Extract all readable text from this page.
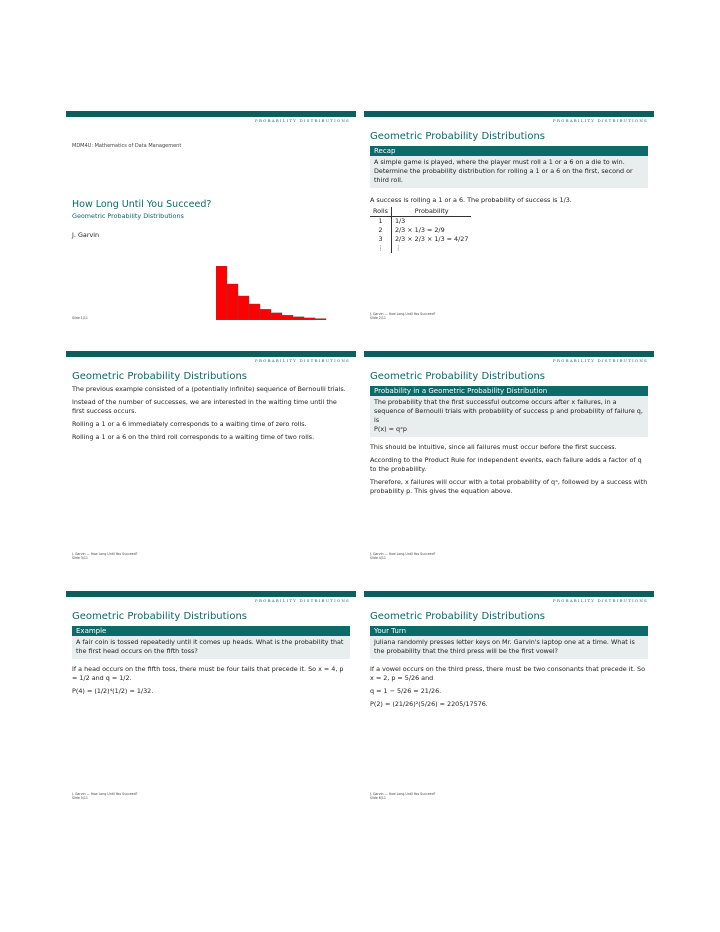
PROBABILITY DISTRIBUTIONS
MDM4U: Mathematics of Data Management
How Long Until You Succeed?
Geometric Probability Distributions
J. Garvin
Slide 1/11
PROBABILITY DISTRIBUTIONS
Geometric Probability Distributions
Recap
A simple game is played, where the player must roll a 1 or a 6 on a die to win. Determine the probability distribution for rolling a 1 or a 6 on the first, second or third roll.
A success is rolling a 1 or a 6. The probability of success is 1/3.
Rolls	Probability
1	1/3
2	2/3 × 1/3 = 2/9
3	2/3 × 2/3 × 1/3 = 4/27
⋮	⋮
J. Garvin — How Long Until You Succeed?
Slide 2/11
PROBABILITY DISTRIBUTIONS
Geometric Probability Distributions

The previous example consisted of a (potentially infinite) sequence of Bernoulli trials.

Instead of the number of successes, we are interested in the waiting time until the first success occurs.

Rolling a 1 or a 6 immediately corresponds to a waiting time of zero rolls.

Rolling a 1 or a 6 on the third roll corresponds to a waiting time of two rolls.

J. Garvin — How Long Until You Succeed?
Slide 3/11
PROBABILITY DISTRIBUTIONS
Geometric Probability Distributions
Probability in a Geometric Probability Distribution
The probability that the first successful outcome occurs after x failures, in a sequence of Bernoulli trials with probability of success p and probability of failure q, is
P(x) = qˣp

This should be intuitive, since all failures must occur before the first success.

According to the Product Rule for independent events, each failure adds a factor of q to the probability.

Therefore, x failures will occur with a total probability of qˣ, followed by a success with probability p. This gives the equation above.

J. Garvin — How Long Until You Succeed?
Slide 4/11
PROBABILITY DISTRIBUTIONS
Geometric Probability Distributions
Example
A fair coin is tossed repeatedly until it comes up heads. What is the probability that the first head occurs on the fifth toss?

If a head occurs on the fifth toss, there must be four tails that precede it. So x = 4, p = 1/2 and q = 1/2.

P(4) = (1/2)⁴(1/2) = 1/32.

J. Garvin — How Long Until You Succeed?
Slide 5/11
PROBABILITY DISTRIBUTIONS
Geometric Probability Distributions
Your Turn
Juliana randomly presses letter keys on Mr. Garvin's laptop one at a time. What is the probability that the third press will be the first vowel?

If a vowel occurs on the third press, there must be two consonants that precede it. So x = 2, p = 5/26 and

q = 1 − 5/26 = 21/26.

P(2) = (21/26)²(5/26) = 2205/17576.

J. Garvin — How Long Until You Succeed?
Slide 6/11
